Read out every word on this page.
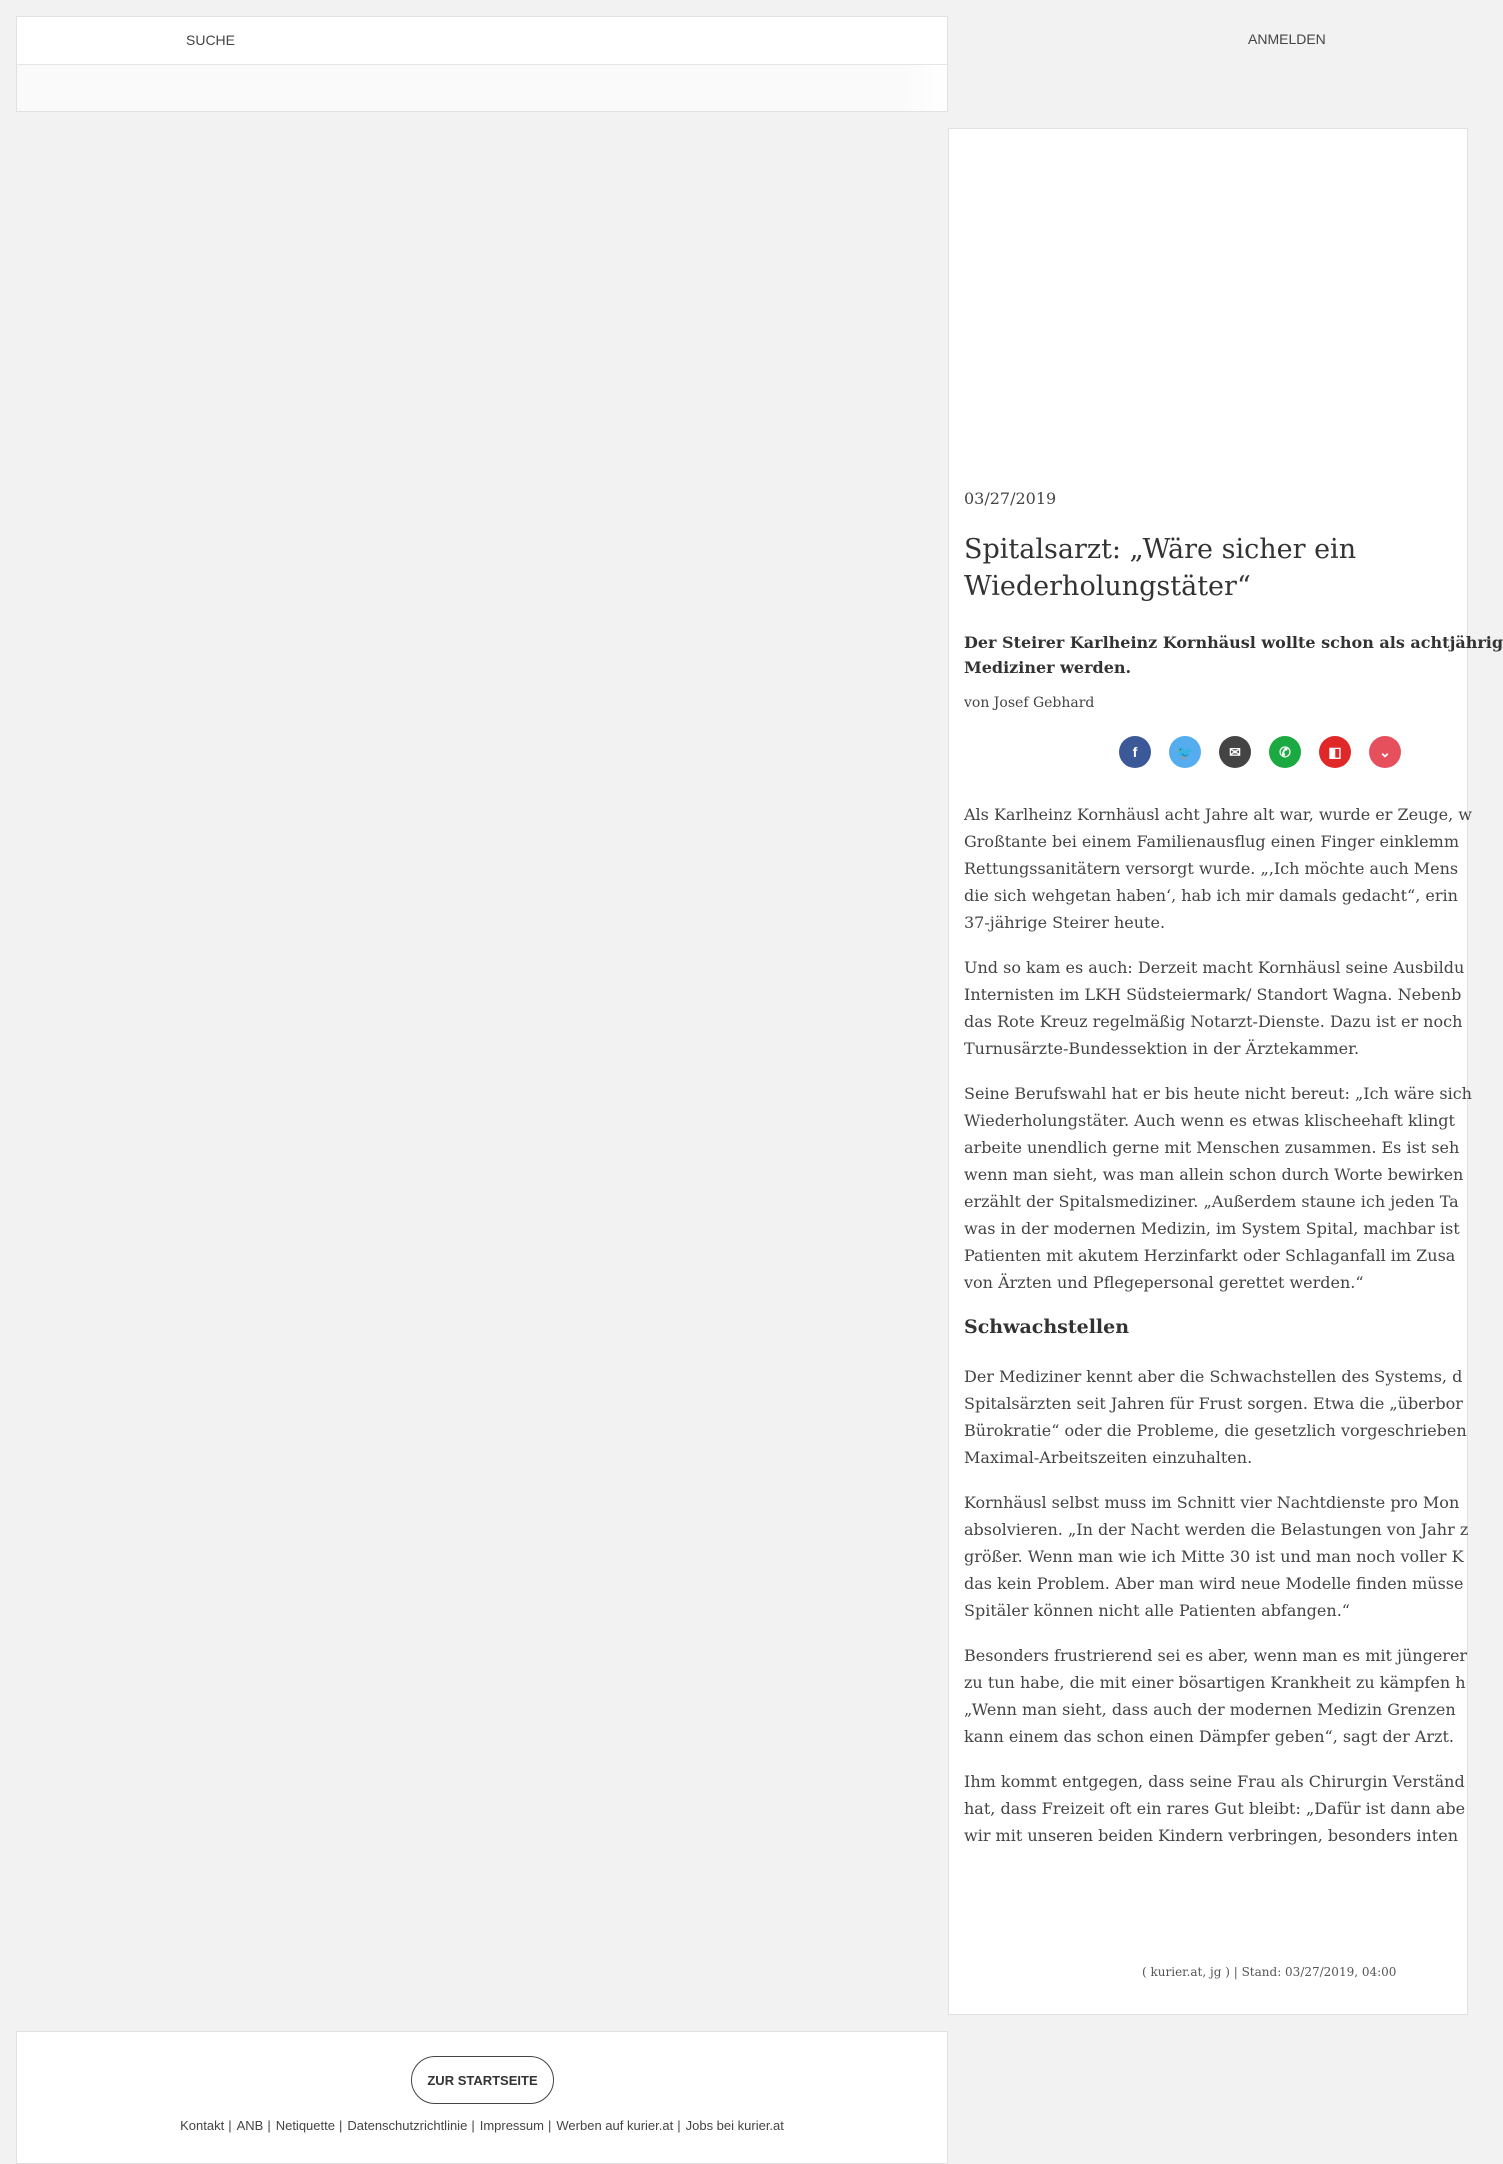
SUCHE	ANMELDEN
03/27/2019
Spitalsarzt: „Wäre sicher ein Wiederholungstäter“
Der Steirer Karlheinz Kornhäusl wollte schon als achtjährig
Mediziner werden.
von Josef Gebhard
f	🐦	✉	✆	◧	⌄

Als Karlheinz Kornhäusl acht Jahre alt war, wurde er Zeuge, w
Großtante bei einem Familienausflug einen Finger einklemm
Rettungssanitätern versorgt wurde. „‚Ich möchte auch Mens
die sich wehgetan haben‘, hab ich mir damals gedacht“, erin
37-jährige Steirer heute.

Und so kam es auch: Derzeit macht Kornhäusl seine Ausbildu
Internisten im LKH Südsteiermark/ Standort Wagna. Nebenb
das Rote Kreuz regelmäßig Notarzt-Dienste. Dazu ist er noch
Turnusärzte-Bundessektion in der Ärztekammer.

Seine Berufswahl hat er bis heute nicht bereut: „Ich wäre sich
Wiederholungstäter. Auch wenn es etwas klischeehaft klingt
arbeite unendlich gerne mit Menschen zusammen. Es ist seh
wenn man sieht, was man allein schon durch Worte bewirken
erzählt der Spitalsmediziner. „Außerdem staune ich jeden Ta
was in der modernen Medizin, im System Spital, machbar ist
Patienten mit akutem Herzinfarkt oder Schlaganfall im Zusa
von Ärzten und Pflegepersonal gerettet werden.“

Schwachstellen

Der Mediziner kennt aber die Schwachstellen des Systems, d
Spitalsärzten seit Jahren für Frust sorgen. Etwa die „überbor
Bürokratie“ oder die Probleme, die gesetzlich vorgeschrieben
Maximal-Arbeitszeiten einzuhalten.

Kornhäusl selbst muss im Schnitt vier Nachtdienste pro Mon
absolvieren. „In der Nacht werden die Belastungen von Jahr z
größer. Wenn man wie ich Mitte 30 ist und man noch voller K
das kein Problem. Aber man wird neue Modelle finden müsse
Spitäler können nicht alle Patienten abfangen.“

Besonders frustrierend sei es aber, wenn man es mit jüngerer
zu tun habe, die mit einer bösartigen Krankheit zu kämpfen h
„Wenn man sieht, dass auch der modernen Medizin Grenzen
kann einem das schon einen Dämpfer geben“, sagt der Arzt.

Ihm kommt entgegen, dass seine Frau als Chirurgin Verständ
hat, dass Freizeit oft ein rares Gut bleibt: „Dafür ist dann abe
wir mit unseren beiden Kindern verbringen, besonders inten

( kurier.at, jg ) | Stand: 03/27/2019, 04:00
ZUR STARTSEITE
Kontakt | ANB | Netiquette | Datenschutzrichtlinie | Impressum | Werben auf kurier.at | Jobs bei kurier.at
